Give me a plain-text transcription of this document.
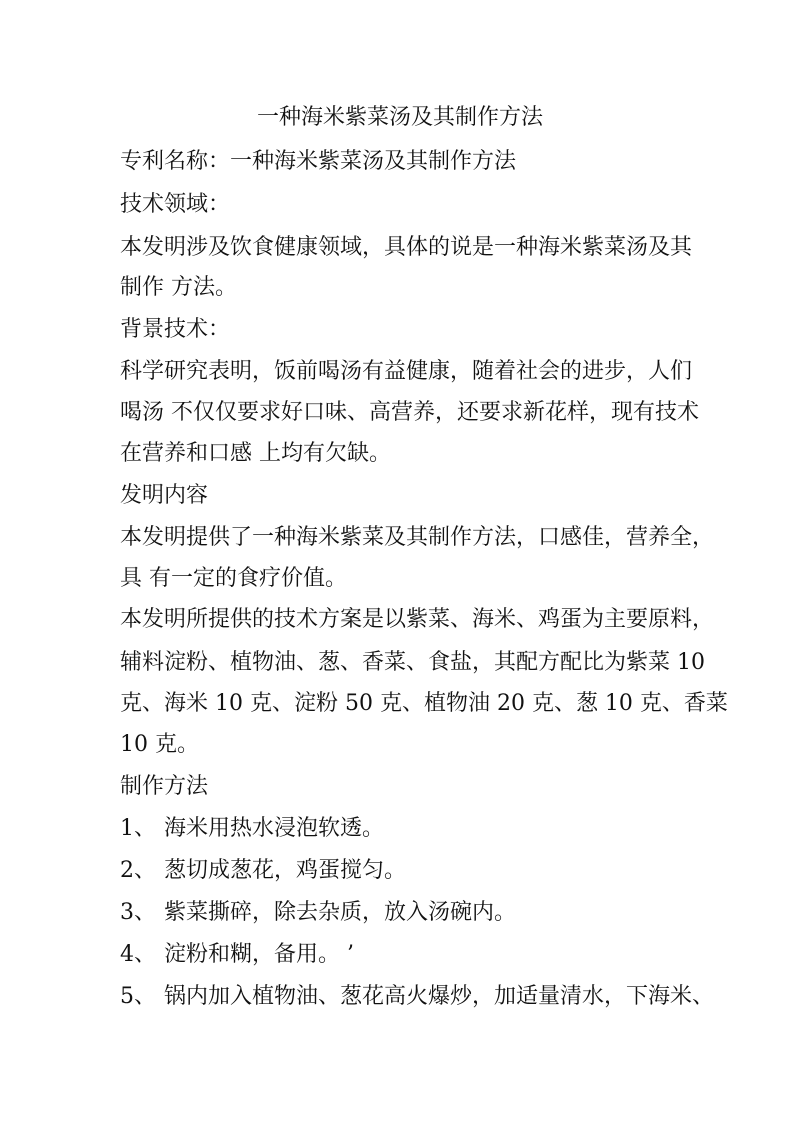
一种海米紫菜汤及其制作方法
专利名称：一种海米紫菜汤及其制作方法
技术领域：
本发明涉及饮食健康领域，具体的说是一种海米紫菜汤及其
制作 方法。
背景技术：
科学研究表明，饭前喝汤有益健康，随着社会的进步，人们
喝汤 不仅仅要求好口味、高营养，还要求新花样，现有技术
在营养和口感 上均有欠缺。
发明内容
本发明提供了一种海米紫菜及其制作方法，口感佳，营养全，
具 有一定的食疗价值。
本发明所提供的技术方案是以紫菜、海米、鸡蛋为主要原料，
辅料淀粉、植物油、葱、香菜、食盐，其配方配比为紫菜 10
克、海米 10 克、淀粉 50 克、植物油 20 克、葱 10 克、香菜
10 克。
制作方法
1、 海米用热水浸泡软透。
2、 葱切成葱花，鸡蛋搅匀。
3、 紫菜撕碎，除去杂质，放入汤碗内。
4、 淀粉和糊，备用。 ’
5、 锅内加入植物油、葱花高火爆炒，加适量清水，下海米、
